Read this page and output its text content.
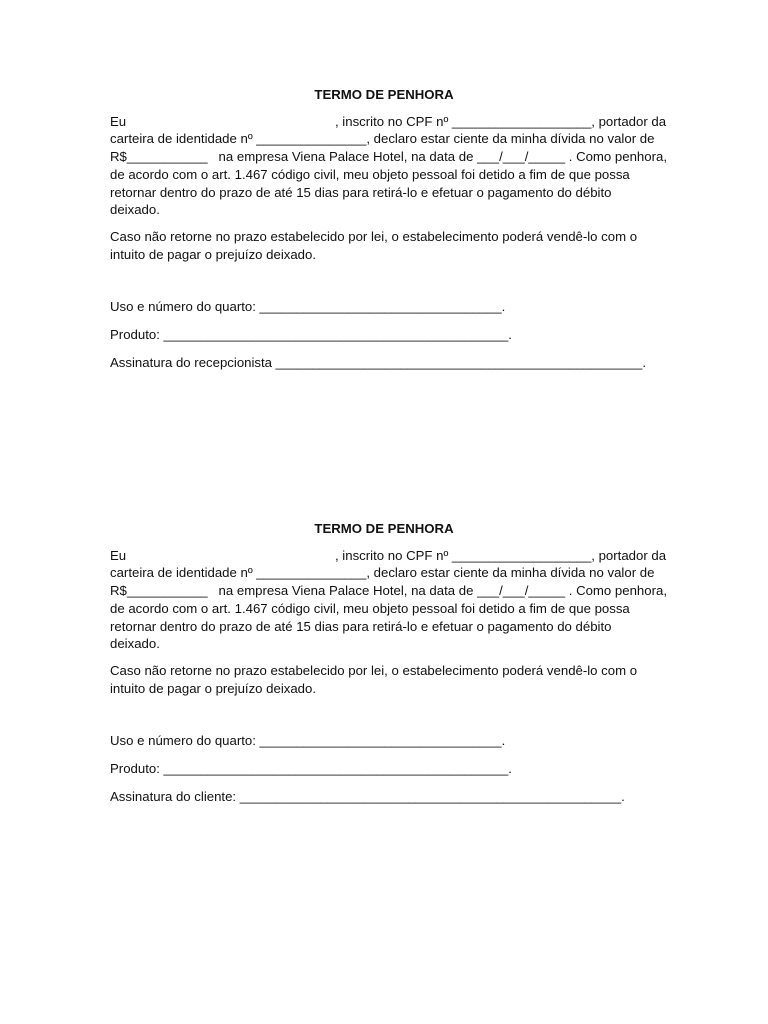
TERMO DE PENHORA

Eu                                                         , inscrito no CPF nº ___________________, portador da
carteira de identidade nº _______________, declaro estar ciente da minha dívida no valor de
R$___________   na empresa Viena Palace Hotel, na data de ___/___/_____ . Como penhora,
de acordo com o art. 1.467 código civil, meu objeto pessoal foi detido a fim de que possa
retornar dentro do prazo de até 15 dias para retirá-lo e efetuar o pagamento do débito
deixado.

Caso não retorne no prazo estabelecido por lei, o estabelecimento poderá vendê-lo com o
intuito de pagar o prejuízo deixado.

Uso e número do quarto: _________________________________.
Produto: _______________________________________________.
Assinatura do recepcionista __________________________________________________.
TERMO DE PENHORA

Eu                                                         , inscrito no CPF nº ___________________, portador da
carteira de identidade nº _______________, declaro estar ciente da minha dívida no valor de
R$___________   na empresa Viena Palace Hotel, na data de ___/___/_____ . Como penhora,
de acordo com o art. 1.467 código civil, meu objeto pessoal foi detido a fim de que possa
retornar dentro do prazo de até 15 dias para retirá-lo e efetuar o pagamento do débito
deixado.

Caso não retorne no prazo estabelecido por lei, o estabelecimento poderá vendê-lo com o
intuito de pagar o prejuízo deixado.

Uso e número do quarto: _________________________________.
Produto: _______________________________________________.
Assinatura do cliente: ____________________________________________________.
